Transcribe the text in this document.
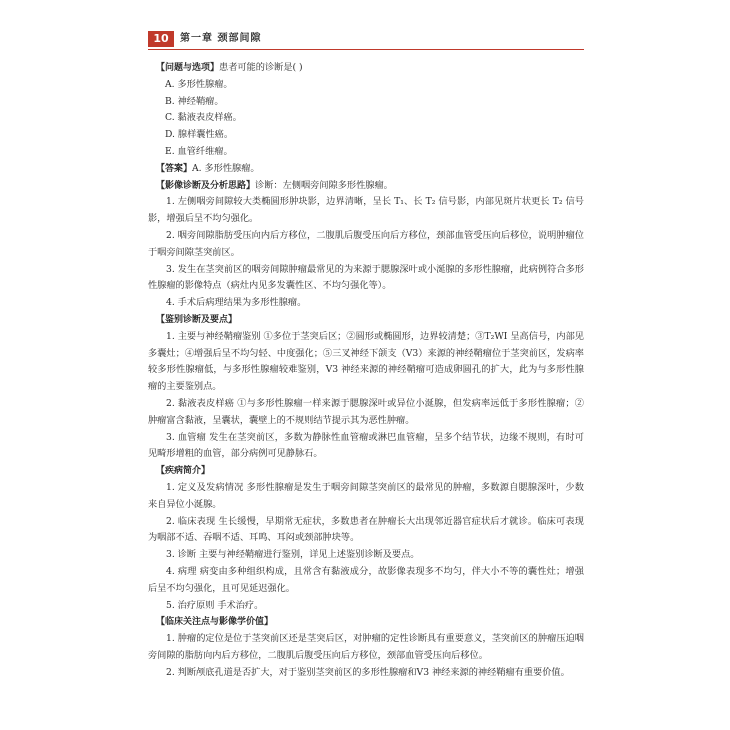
10	第一章 颈部间隙

【问题与选项】患者可能的诊断是( )

A. 多形性腺瘤。

B. 神经鞘瘤。

C. 黏液表皮样癌。

D. 腺样囊性癌。

E. 血管纤维瘤。

【答案】A. 多形性腺瘤。

【影像诊断及分析思路】诊断：左侧咽旁间隙多形性腺瘤。

1. 左侧咽旁间隙较大类椭圆形肿块影，边界清晰，呈长 T₁、长 T₂ 信号影，内部见斑片状更长 T₂ 信号影，增强后呈不均匀强化。

2. 咽旁间隙脂肪受压向内后方移位，二腹肌后腹受压向后方移位，颈部血管受压向后移位，说明肿瘤位于咽旁间隙茎突前区。

3. 发生在茎突前区的咽旁间隙肿瘤最常见的为来源于腮腺深叶或小涎腺的多形性腺瘤，此病例符合多形性腺瘤的影像特点（病灶内见多发囊性区、不均匀强化等）。

4. 手术后病理结果为多形性腺瘤。

【鉴别诊断及要点】

1. 主要与神经鞘瘤鉴别 ①多位于茎突后区；②圆形或椭圆形，边界较清楚；③T₂WI 呈高信号，内部见多囊灶；④增强后呈不均匀轻、中度强化；⑤三叉神经下颌支（V3）来源的神经鞘瘤位于茎突前区，发病率较多形性腺瘤低，与多形性腺瘤较难鉴别，V3 神经来源的神经鞘瘤可造成卵圆孔的扩大，此为与多形性腺瘤的主要鉴别点。

2. 黏液表皮样癌 ①与多形性腺瘤一样来源于腮腺深叶或异位小涎腺，但发病率远低于多形性腺瘤；②肿瘤富含黏液，呈囊状，囊壁上的不规则结节提示其为恶性肿瘤。

3. 血管瘤 发生在茎突前区，多数为静脉性血管瘤或淋巴血管瘤，呈多个结节状，边缘不规则，有时可见畸形增粗的血管，部分病例可见静脉石。

【疾病简介】

1. 定义及发病情况 多形性腺瘤是发生于咽旁间隙茎突前区的最常见的肿瘤，多数源自腮腺深叶，少数来自异位小涎腺。

2. 临床表现 生长缓慢，早期常无症状，多数患者在肿瘤长大出现邻近器官症状后才就诊。临床可表现为咽部不适、吞咽不适、耳鸣、耳闷或颈部肿块等。

3. 诊断 主要与神经鞘瘤进行鉴别，详见上述鉴别诊断及要点。

4. 病理 病变由多种组织构成，且常含有黏液成分，故影像表现多不均匀，伴大小不等的囊性灶；增强后呈不均匀强化，且可见延迟强化。

5. 治疗原则 手术治疗。

【临床关注点与影像学价值】

1. 肿瘤的定位是位于茎突前区还是茎突后区，对肿瘤的定性诊断具有重要意义，茎突前区的肿瘤压迫咽旁间隙的脂肪向内后方移位，二腹肌后腹受压向后方移位，颈部血管受压向后移位。

2. 判断颅底孔道是否扩大，对于鉴别茎突前区的多形性腺瘤和V3 神经来源的神经鞘瘤有重要价值。
